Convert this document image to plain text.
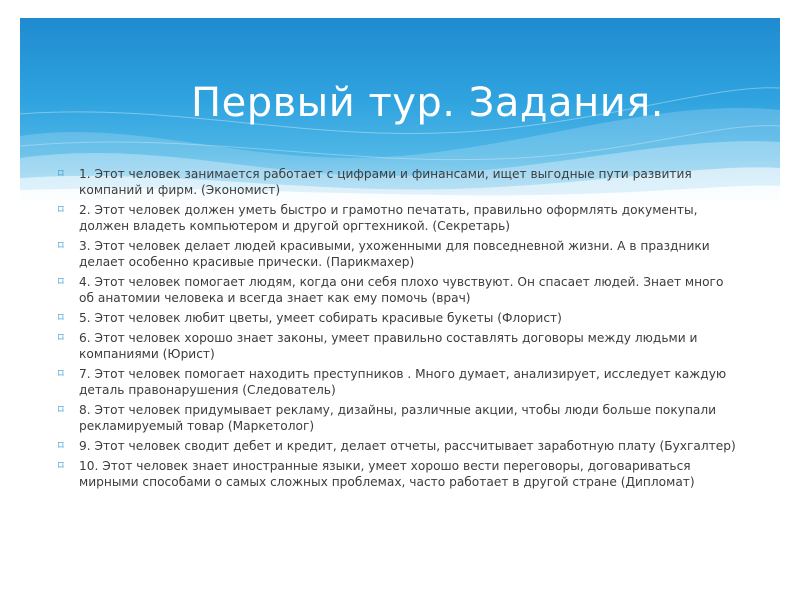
Первый тур. Задания.
⌑ 1. Этот человек занимается работает с цифрами и финансами, ищет выгодные пути развития компаний и фирм. (Экономист)
⌑ 2. Этот человек должен уметь быстро и грамотно печатать, правильно оформлять документы, должен владеть компьютером и другой оргтехникой. (Секретарь)
⌑ 3. Этот человек делает людей красивыми, ухоженными для повседневной жизни. А в праздники делает особенно красивые прически. (Парикмахер)
⌑ 4. Этот человек помогает людям, когда они себя плохо чувствуют. Он спасает людей. Знает много об анатомии человека и всегда знает как ему помочь (врач)
⌑ 5. Этот человек любит цветы, умеет собирать красивые букеты (Флорист)
⌑ 6. Этот человек хорошо знает законы, умеет правильно составлять договоры между людьми и компаниями (Юрист)
⌑ 7. Этот человек помогает находить преступников . Много думает, анализирует, исследует каждую деталь правонарушения (Следователь)
⌑ 8. Этот человек придумывает рекламу, дизайны, различные акции, чтобы люди больше покупали рекламируемый товар (Маркетолог)
⌑ 9. Этот человек сводит дебет и кредит, делает отчеты, рассчитывает заработную плату (Бухгалтер)
⌑ 10. Этот человек знает иностранные языки, умеет хорошо вести переговоры, договариваться мирными способами о самых сложных проблемах, часто работает в другой стране (Дипломат)
